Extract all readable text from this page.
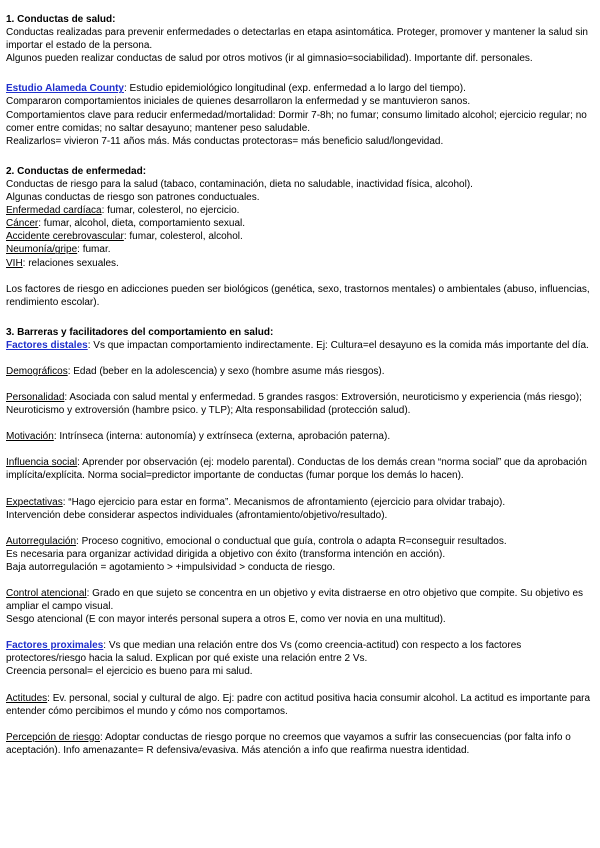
1. Conductas de salud:

Conductas realizadas para prevenir enfermedades o detectarlas en etapa asintomática. Proteger, promover y mantener la salud sin importar el estado de la persona.

Algunos pueden realizar conductas de salud por otros motivos (ir al gimnasio=sociabilidad). Importante dif. personales.

Estudio Alameda County: Estudio epidemiológico longitudinal (exp. enfermedad a lo largo del tiempo).

Compararon comportamientos iniciales de quienes desarrollaron la enfermedad y se mantuvieron sanos.

Comportamientos clave para reducir enfermedad/mortalidad: Dormir 7-8h; no fumar; consumo limitado alcohol; ejercicio regular; no comer entre comidas; no saltar desayuno; mantener peso saludable.

Realizarlos= vivieron 7-11 años más. Más conductas protectoras= más beneficio salud/longevidad.

2. Conductas de enfermedad:

Conductas de riesgo para la salud (tabaco, contaminación, dieta no saludable, inactividad física, alcohol).

Algunas conductas de riesgo son patrones conductuales.

Enfermedad cardíaca: fumar, colesterol, no ejercicio.

Cáncer: fumar, alcohol, dieta, comportamiento sexual.

Accidente cerebrovascular: fumar, colesterol, alcohol.

Neumonía/gripe: fumar.

VIH: relaciones sexuales.

Los factores de riesgo en adicciones pueden ser biológicos (genética, sexo, trastornos mentales) o ambientales (abuso, influencias, rendimiento escolar).

3. Barreras y facilitadores del comportamiento en salud:

Factores distales: Vs que impactan comportamiento indirectamente. Ej: Cultura=el desayuno es la comida más importante del día.

Demográficos: Edad (beber en la adolescencia) y sexo (hombre asume más riesgos).

Personalidad: Asociada con salud mental y enfermedad. 5 grandes rasgos: Extroversión, neuroticismo y experiencia (más riesgo); Neuroticismo y extroversión (hambre psico. y TLP); Alta responsabilidad (protección salud).

Motivación: Intrínseca (interna: autonomía) y extrínseca (externa, aprobación paterna).

Influencia social: Aprender por observación (ej: modelo parental). Conductas de los demás crean “norma social” que da aprobación implícita/explícita. Norma social=predictor importante de conductas (fumar porque los demás lo hacen).

Expectativas: “Hago ejercicio para estar en forma”. Mecanismos de afrontamiento (ejercicio para olvidar trabajo).

Intervención debe considerar aspectos individuales (afrontamiento/objetivo/resultado).

Autorregulación: Proceso cognitivo, emocional o conductual que guía, controla o adapta R=conseguir resultados.

Es necesaria para organizar actividad dirigida a objetivo con éxito (transforma intención en acción).

Baja autorregulación = agotamiento > +impulsividad > conducta de riesgo.

Control atencional: Grado en que sujeto se concentra en un objetivo y evita distraerse en otro objetivo que compite. Su objetivo es ampliar el campo visual.

Sesgo atencional (E con mayor interés personal supera a otros E, como ver novia en una multitud).

Factores proximales: Vs que median una relación entre dos Vs (como creencia-actitud) con respecto a los factores protectores/riesgo hacia la salud. Explican por qué existe una relación entre 2 Vs.

Creencia personal= el ejercicio es bueno para mi salud.

Actitudes: Ev. personal, social y cultural de algo. Ej: padre con actitud positiva hacia consumir alcohol. La actitud es importante para entender cómo percibimos el mundo y cómo nos comportamos.

Percepción de riesgo: Adoptar conductas de riesgo porque no creemos que vayamos a sufrir las consecuencias (por falta info o aceptación). Info amenazante= R defensiva/evasiva. Más atención a info que reafirma nuestra identidad.
